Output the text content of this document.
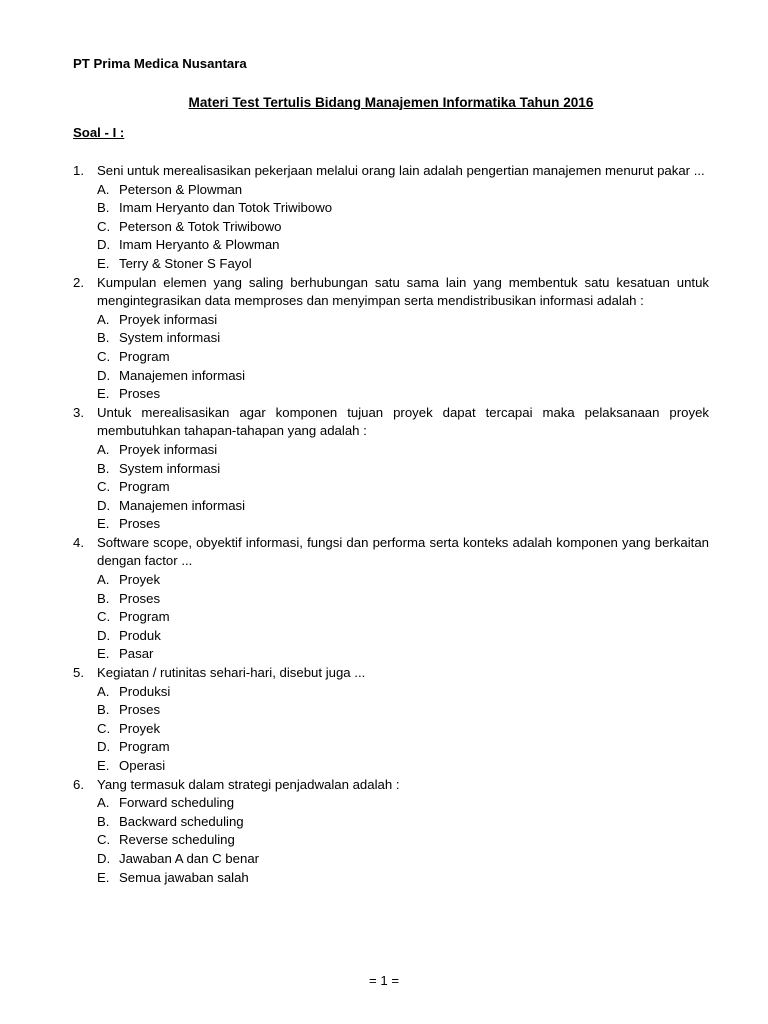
PT Prima Medica Nusantara
Materi Test Tertulis Bidang Manajemen Informatika Tahun 2016
Soal - I :
1. Seni untuk merealisasikan pekerjaan melalui orang lain adalah pengertian manajemen menurut pakar ...
A. Peterson & Plowman
B. Imam Heryanto dan Totok Triwibowo
C. Peterson & Totok Triwibowo
D. Imam Heryanto & Plowman
E. Terry & Stoner S Fayol
2. Kumpulan elemen yang saling berhubungan satu sama lain yang membentuk satu kesatuan untuk mengintegrasikan data memproses dan menyimpan serta mendistribusikan informasi adalah :
A. Proyek informasi
B. System informasi
C. Program
D. Manajemen informasi
E. Proses
3. Untuk merealisasikan agar komponen tujuan proyek dapat tercapai maka pelaksanaan proyek membutuhkan tahapan-tahapan yang adalah :
A. Proyek informasi
B. System informasi
C. Program
D. Manajemen informasi
E. Proses
4. Software scope, obyektif informasi, fungsi dan performa serta konteks adalah komponen yang berkaitan dengan factor ...
A. Proyek
B. Proses
C. Program
D. Produk
E. Pasar
5. Kegiatan / rutinitas sehari-hari, disebut juga ...
A. Produksi
B. Proses
C. Proyek
D. Program
E. Operasi
6. Yang termasuk dalam strategi penjadwalan adalah :
A. Forward scheduling
B. Backward scheduling
C. Reverse scheduling
D. Jawaban A dan C benar
E. Semua jawaban salah
= 1 =
